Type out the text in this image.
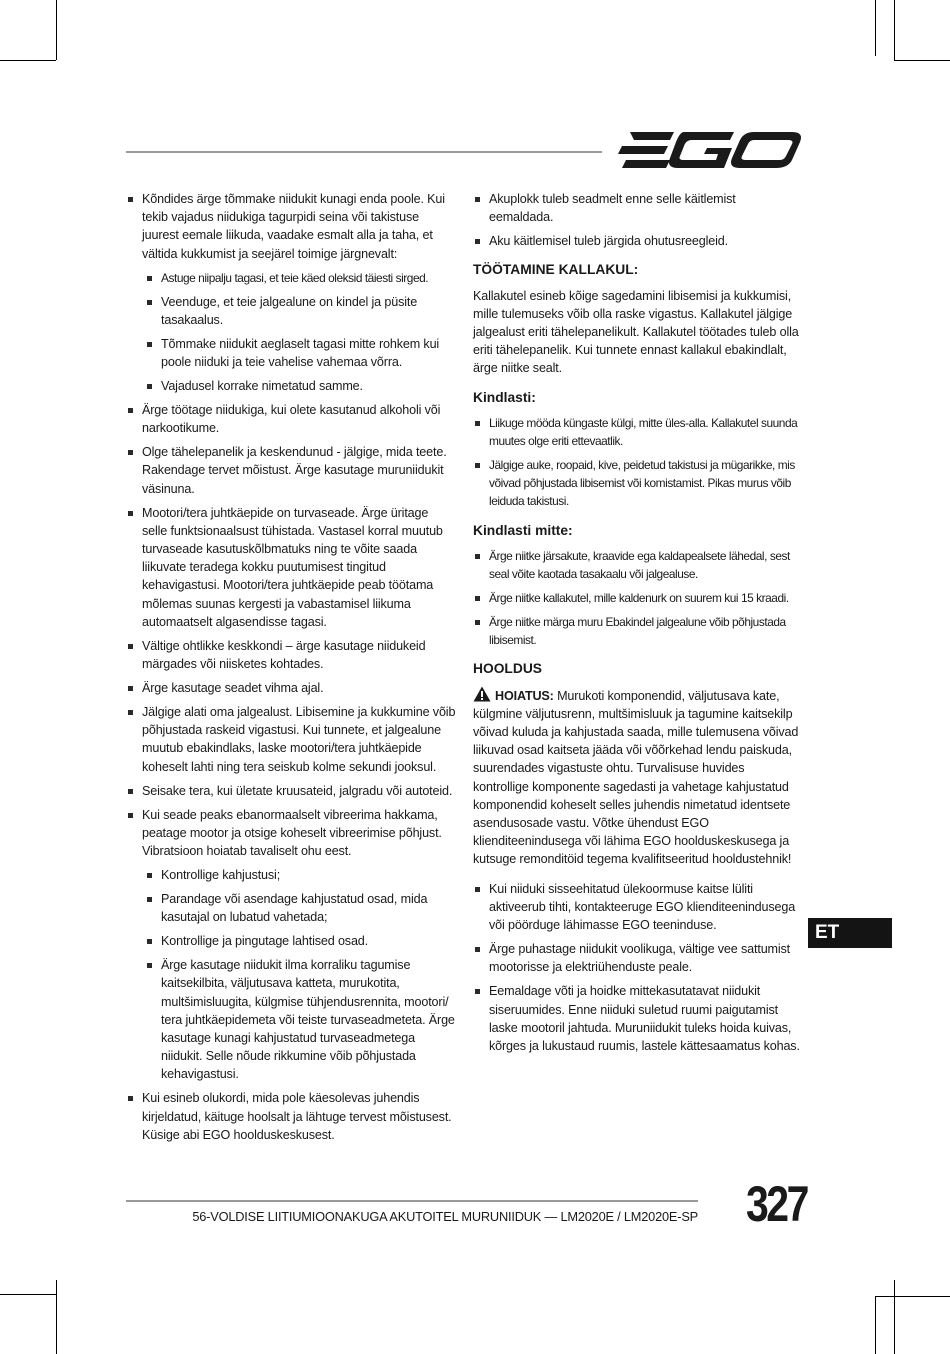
Kõndides ärge tõmmake niidukit kunagi enda poole. Kui tekib vajadus niidukiga tagurpidi seina või takistuse juurest eemale liikuda, vaadake esmalt alla ja taha, et vältida kukkumist ja seejärel toimige järgnevalt:
Astuge niipalju tagasi, et teie käed oleksid täiesti sirged.
Veenduge, et teie jalgealune on kindel ja püsite tasakaalus.
Tõmmake niidukit aeglaselt tagasi mitte rohkem kui poole niiduki ja teie vahelise vahemaa võrra.
Vajadusel korrake nimetatud samme.
Ärge töötage niidukiga, kui olete kasutanud alkoholi või narkootikume.
Olge tähelepanelik ja keskendunud - jälgige, mida teete. Rakendage tervet mõistust. Ärge kasutage muruniidukit väsinuna.
Mootori/tera juhtkäepide on turvaseade. Ärge üritage selle funktsionaalsust tühistada. Vastasel korral muutub turvaseade kasutuskõlbmatuks ning te võite saada liikuvate teradega kokku puutumisest tingitud kehavigastusi. Mootori/tera juhtkäepide peab töötama mõlemas suunas kergesti ja vabastamisel liikuma automaatselt algasendisse tagasi.
Vältige ohtlikke keskkondi – ärge kasutage niidukeid märgades või niisketes kohtades.
Ärge kasutage seadet vihma ajal.
Jälgige alati oma jalgealust. Libisemine ja kukkumine võib põhjustada raskeid vigastusi. Kui tunnete, et jalgealune muutub ebakindlaks, laske mootori/tera juhtkäepide koheselt lahti ning tera seiskub kolme sekundi jooksul.
Seisake tera, kui ületate kruusateid, jalgradu või autoteid.
Kui seade peaks ebanormaalselt vibreerima hakkama, peatage mootor ja otsige koheselt vibreerimise põhjust. Vibratsioon hoiatab tavaliselt ohu eest.
Kontrollige kahjustusi;
Parandage või asendage kahjustatud osad, mida kasutajal on lubatud vahetada;
Kontrollige ja pingutage lahtised osad.
Ärge kasutage niidukit ilma korraliku tagumise kaitsekilbita, väljutusava katteta, murukotita, multšimisluugita, külgmise tühjendusrennita, mootori/ tera juhtkäepidemeta või teiste turvaseadmeteta. Ärge kasutage kunagi kahjustatud turvaseadmetega niidukit. Selle nõude rikkumine võib põhjustada kehavigastusi.
Kui esineb olukordi, mida pole käesolevas juhendis kirjeldatud, käituge hoolsalt ja lähtuge tervest mõistusest. Küsige abi EGO hoolduskeskusest.
Akuplokk tuleb seadmelt enne selle käitlemist eemaldada.
Aku käitlemisel tuleb järgida ohutusreegleid.
TÖÖTAMINE KALLAKUL:
Kallakutel esineb kõige sagedamini libisemisi ja kukkumisi, mille tulemuseks võib olla raske vigastus. Kallakutel jälgige jalgealust eriti tähelepanelikult. Kallakutel töötades tuleb olla eriti tähelepanelik. Kui tunnete ennast kallakul ebakindlalt, ärge niitke sealt.
Kindlasti:
Liikuge mööda küngaste külgi, mitte üles-alla. Kallakutel suunda muutes olge eriti ettevaatlik.
Jälgige auke, roopaid, kive, peidetud takistusi ja mügarikke, mis võivad põhjustada libisemist või komistamist. Pikas murus võib leiduda takistusi.
Kindlasti mitte:
Ärge niitke järsakute, kraavide ega kaldapealsete lähedal, sest seal võite kaotada tasakaalu või jalgealuse.
Ärge niitke kallakutel, mille kaldenurk on suurem kui 15 kraadi.
Ärge niitke märga muru Ebakindel jalgealune võib põhjustada libisemist.
HOOLDUS
HOIATUS: Murukoti komponendid, väljutusava kate, külgmine väljutusrenn, multšimisluuk ja tagumine kaitsekilp võivad kuluda ja kahjustada saada, mille tulemusena võivad liikuvad osad kaitseta jääda või võõrkehad lendu paiskuda, suurendades vigastuste ohtu. Turvalisuse huvides kontrollige komponente sagedasti ja vahetage kahjustatud komponendid koheselt selles juhendis nimetatud identsete asendusosade vastu. Võtke ühendust EGO klienditeenindusega või lähima EGO hoolduskeskusega ja kutsuge remonditöid tegema kvalifitseeritud hooldustehnik!
Kui niiduki sisseehitatud ülekoormuse kaitse lüliti aktiveerub tihti, kontakteeruge EGO klienditeenindusega või pöörduge lähimasse EGO teeninduse.
Ärge puhastage niidukit voolikuga, vältige vee sattumist mootorisse ja elektriühenduste peale.
Eemaldage võti ja hoidke mittekasutatavat niidukit siseruumides. Enne niiduki suletud ruumi paigutamist laske mootoril jahtuda. Muruniidukit tuleks hoida kuivas, kõrges ja lukustaud ruumis, lastele kättesaamatus kohas.
ET
56-VOLDISE LIITIUMIOONAKUGA AKUTOITEL MURUNIIDUK — LM2020E / LM2020E-SP 327
